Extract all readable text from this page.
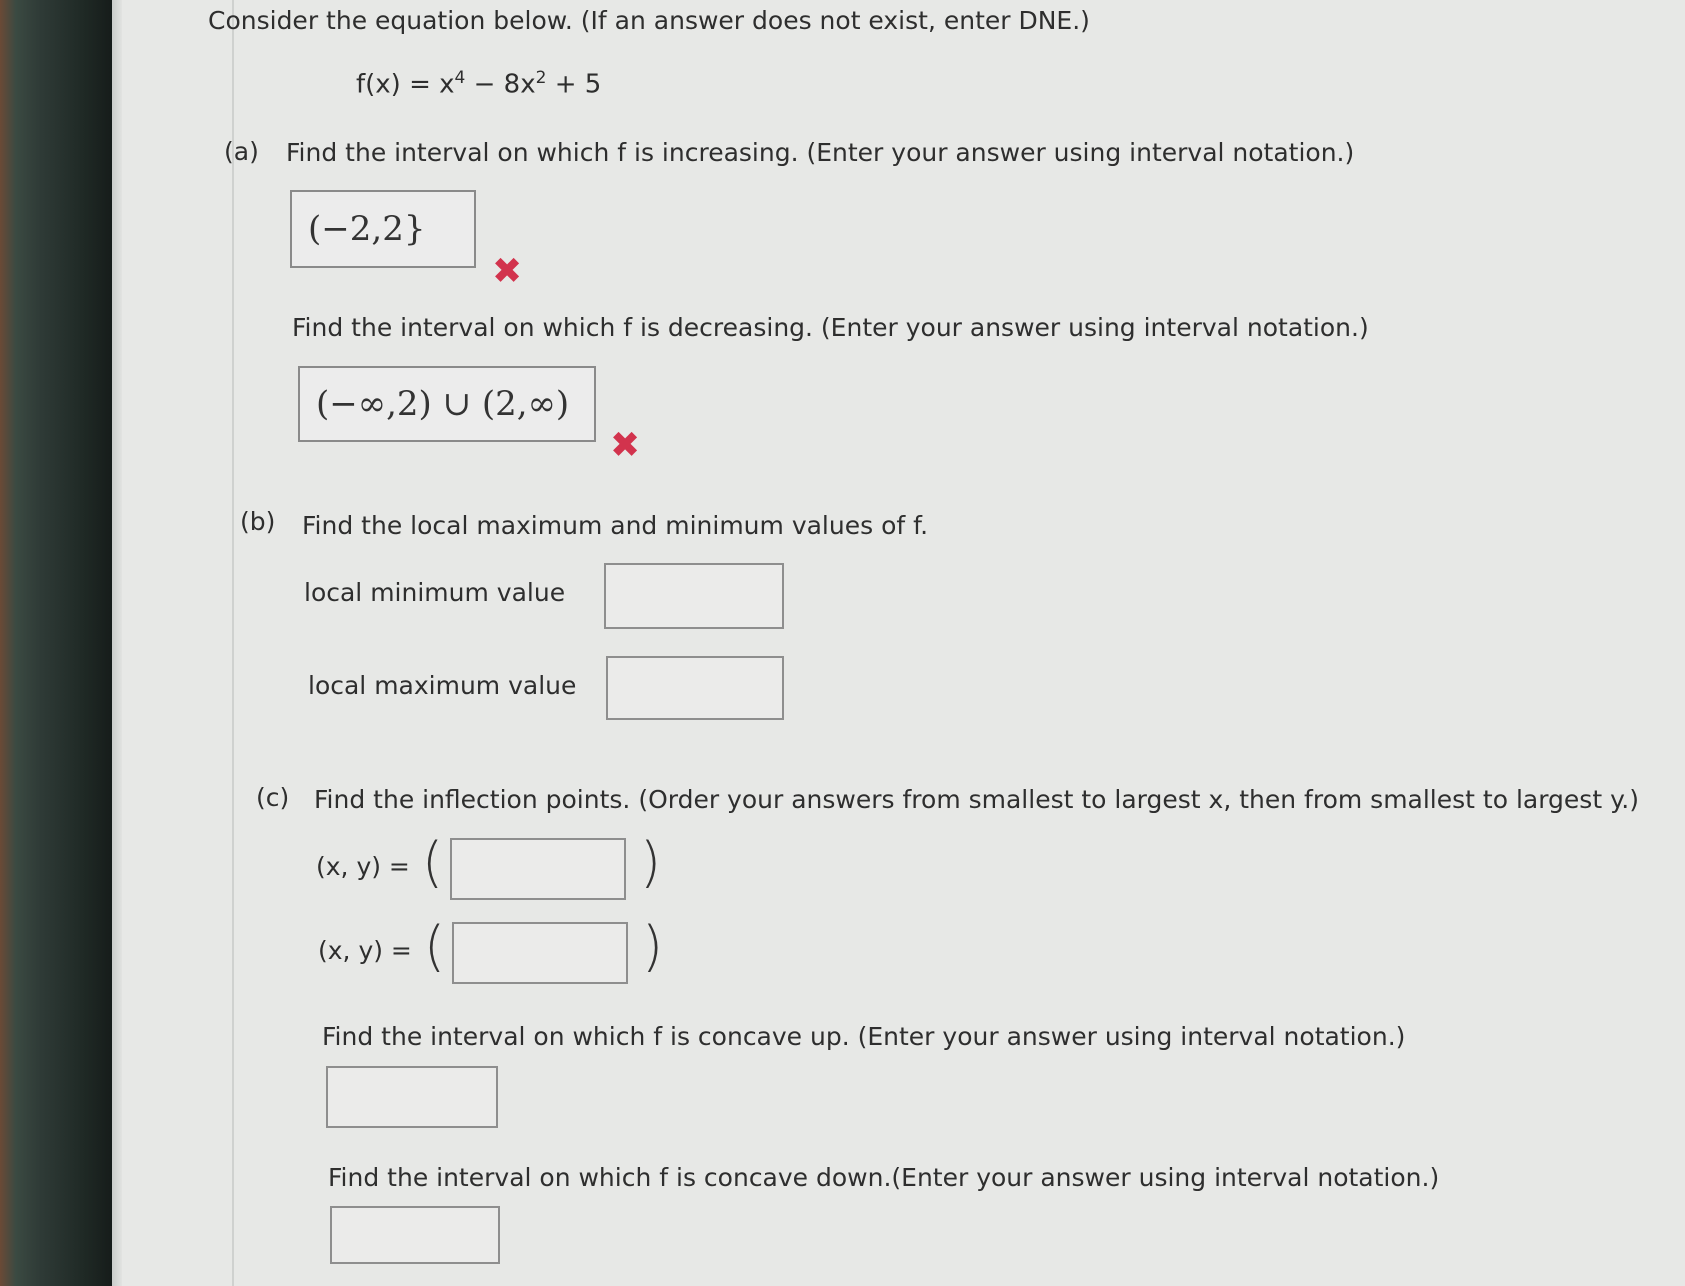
Consider the equation below. (If an answer does not exist, enter DNE.)
$f(x) = x^4 - 8x^2 + 5$
(a) Find the interval on which f is increasing. (Enter your answer using interval notation.)
(−2,2}
✖
Find the interval on which f is decreasing. (Enter your answer using interval notation.)
(−∞,2) ∪ (2,∞)
✖
(b) Find the local maximum and minimum values of f.
local minimum value
local maximum value
(c) Find the inflection points. (Order your answers from smallest to largest x, then from smallest to largest y.)
(x, y) = (	)
(x, y) = (	)
Find the interval on which f is concave up. (Enter your answer using interval notation.)
Find the interval on which f is concave down.(Enter your answer using interval notation.)
